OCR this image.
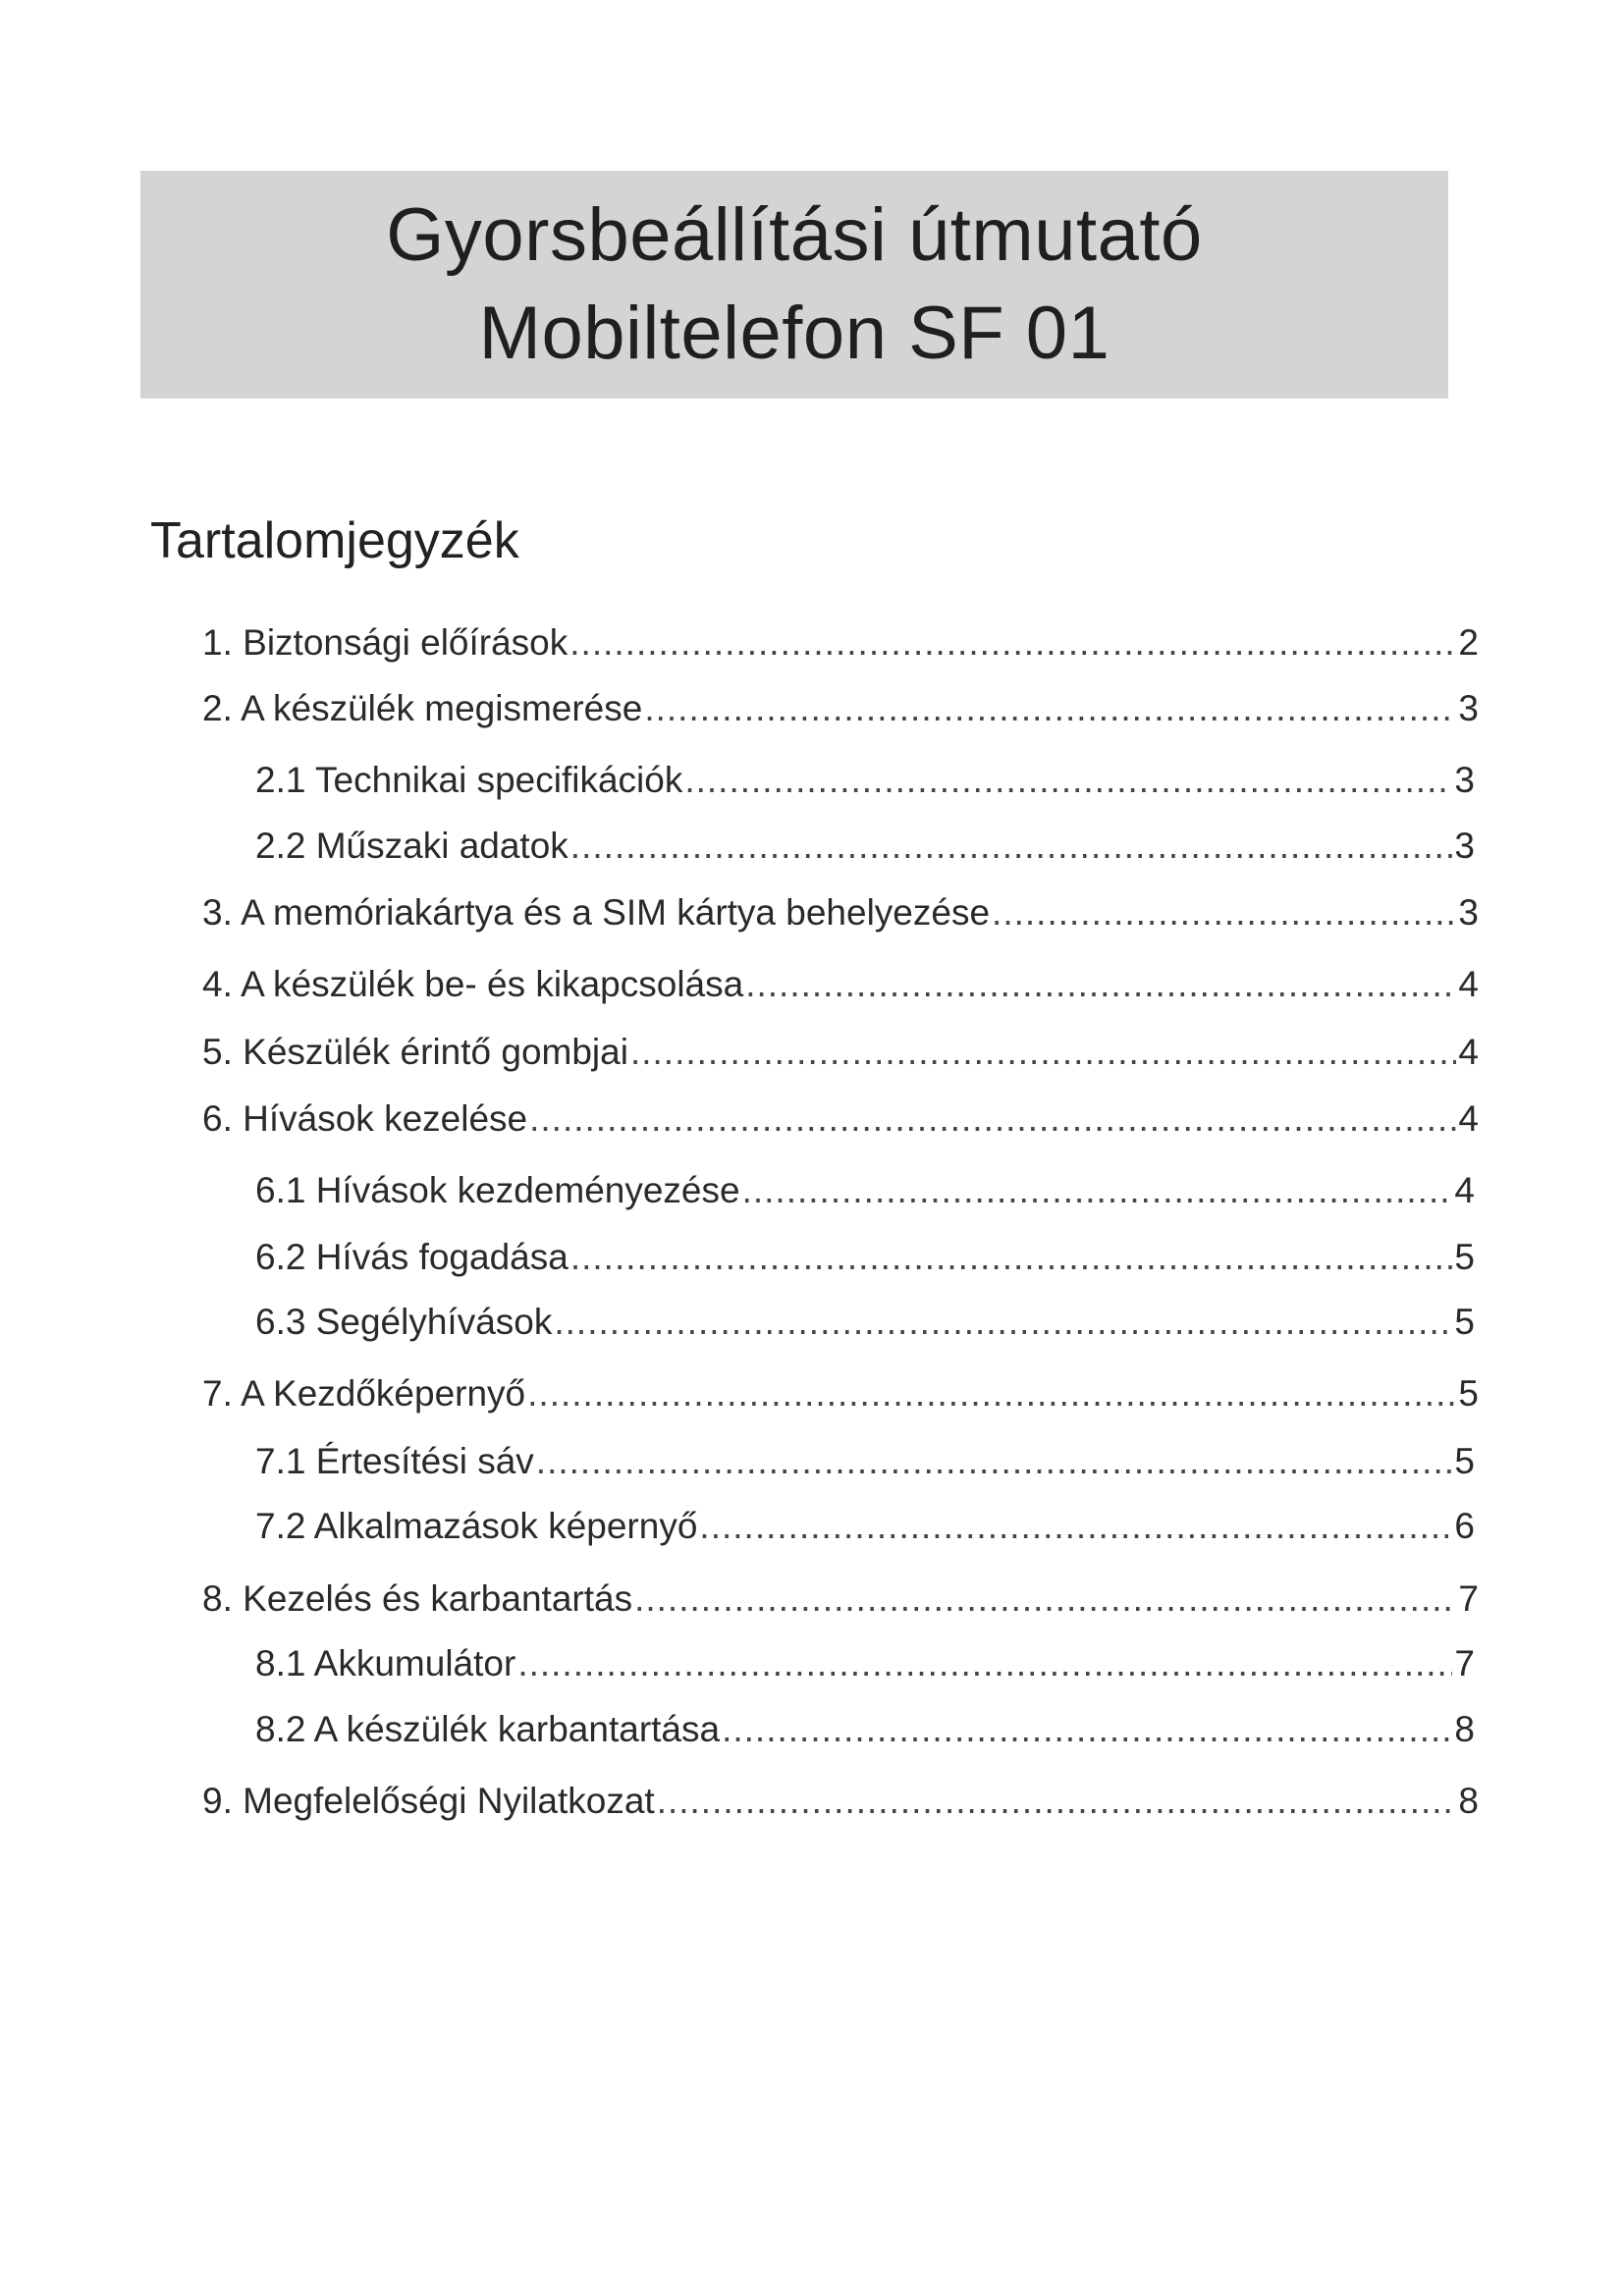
Gyorsbeállítási útmutató
Mobiltelefon SF 01
Tartalomjegyzék
1. Biztonsági előírások .....	2
2. A készülék megismerése .....	3
2.1 Technikai specifikációk .....	3
2.2 Műszaki adatok .....	3
3. A memóriakártya és a SIM kártya behelyezése .....	3
4. A készülék be- és kikapcsolása .....	4
5. Készülék érintő gombjai .....	4
6. Hívások kezelése .....	4
6.1 Hívások kezdeményezése .....	4
6.2 Hívás fogadása .....	5
6.3 Segélyhívások .....	5
7. A Kezdőképernyő .....	5
7.1 Értesítési sáv .....	5
7.2 Alkalmazások képernyő .....	6
8. Kezelés és karbantartás .....	7
8.1 Akkumulátor .....	7
8.2 A készülék karbantartása .....	8
9. Megfelelőségi Nyilatkozat .....	8
